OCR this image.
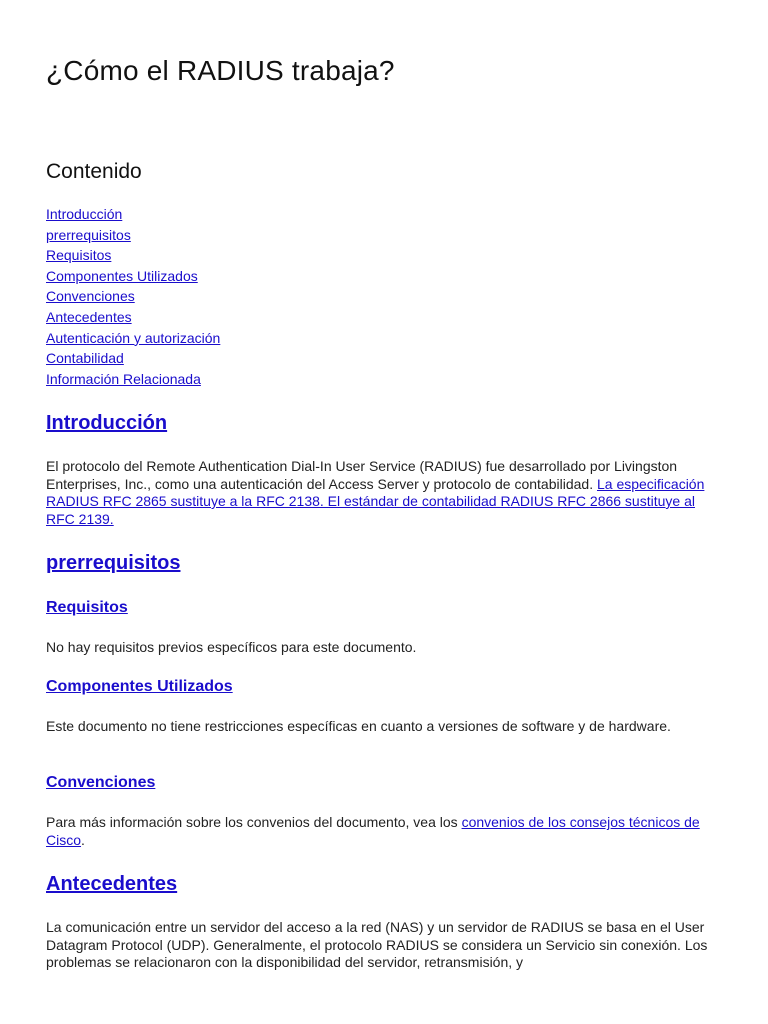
¿Cómo el RADIUS trabaja?
Contenido
Introducción
prerrequisitos
Requisitos
Componentes Utilizados
Convenciones
Antecedentes
Autenticación y autorización
Contabilidad
Información Relacionada
Introducción

El protocolo del Remote Authentication Dial-In User Service (RADIUS) fue desarrollado por Livingston Enterprises, Inc., como una autenticación del Access Server y protocolo de contabilidad. La especificación RADIUS RFC 2865 sustituye a la RFC 2138. El estándar de contabilidad RADIUS RFC 2866 sustituye al RFC 2139.

prerrequisitos
Requisitos

No hay requisitos previos específicos para este documento.

Componentes Utilizados

Este documento no tiene restricciones específicas en cuanto a versiones de software y de hardware.

Convenciones

Para más información sobre los convenios del documento, vea los convenios de los consejos técnicos de Cisco.

Antecedentes

La comunicación entre un servidor del acceso a la red (NAS) y un servidor de RADIUS se basa en el User Datagram Protocol (UDP). Generalmente, el protocolo RADIUS se considera un Servicio sin conexión. Los problemas se relacionaron con la disponibilidad del servidor, retransmisión, y
